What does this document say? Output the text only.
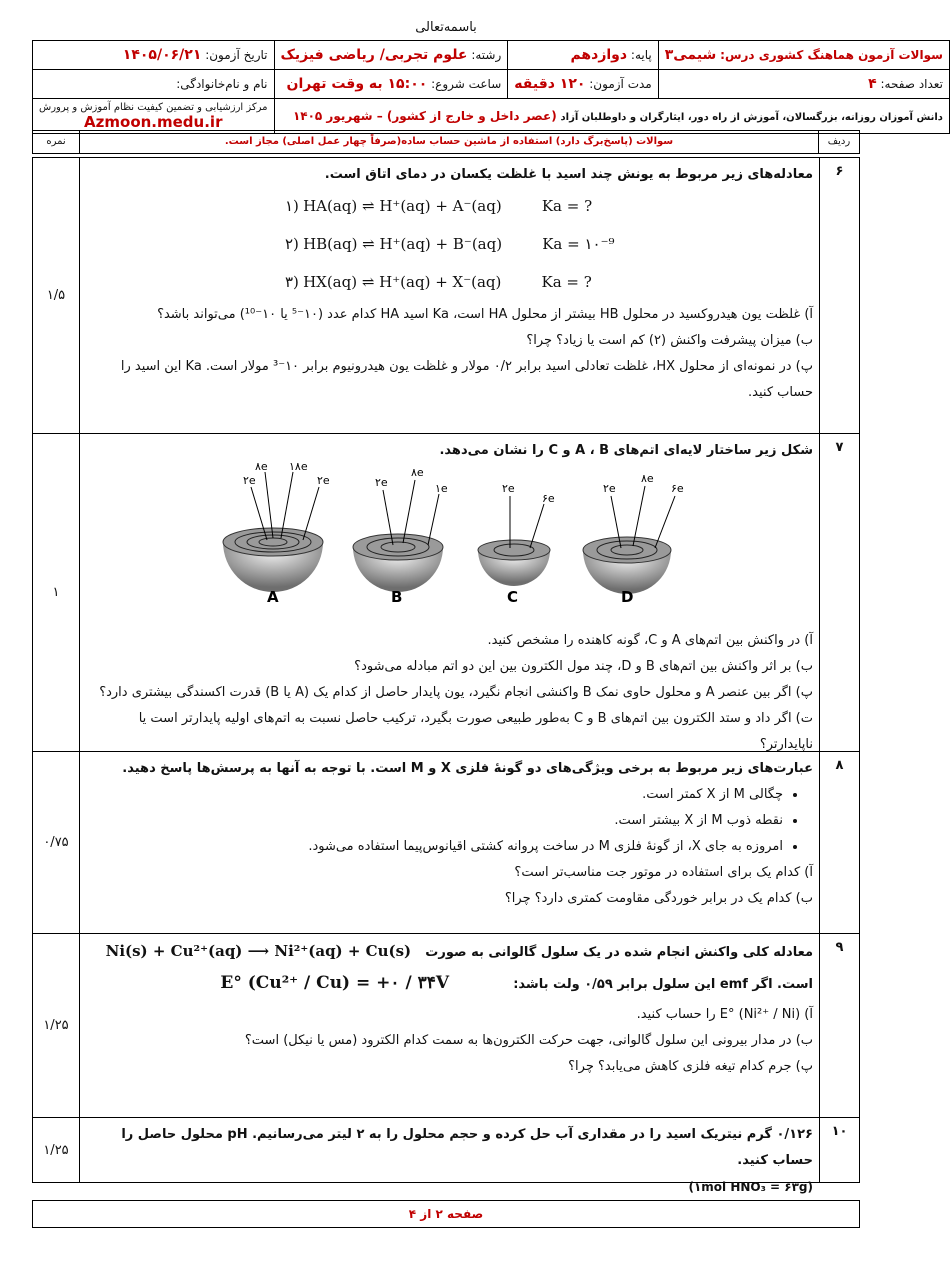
باسمه‌تعالی
سوالات آزمون هماهنگ کشوری درس: شیمی۳	پایه: دوازدهم	رشته: علوم تجربی/ ریاضی فیزیک	تاریخ آزمون: ۱۴۰۵/۰۶/۲۱
تعداد صفحه: ۴	مدت آزمون: ۱۲۰ دقیقه	ساعت شروع: ۱۵:۰۰ به وقت تهران	نام و نام‌خانوادگی:
دانش آموزان روزانه، بزرگسالان، آموزش از راه دور، ایثارگران و داوطلبان آزاد (عصر داخل و خارج از کشور) – شهریور ۱۴۰۵			مرکز ارزشیابی و تضمین کیفیت نظام آموزش و پرورش
Azmoon.medu.ir
ردیف
سوالات (پاسخ‌برگ دارد) استفاده از ماشین حساب ساده(صرفاً چهار عمل اصلی) مجاز است.
نمره
۶
۱/۵

معادله‌های زیر مربوط به یونش چند اسید با غلظت یکسان در دمای اتاق است.

۱) HA(aq) ⇌ H⁺(aq) + A⁻(aq)	Ka = ?
۲) HB(aq) ⇌ H⁺(aq) + B⁻(aq)	Ka = ۱۰⁻⁹
۳) HX(aq) ⇌ H⁺(aq) + X⁻(aq)	Ka = ?

آ) غلظت یون هیدروکسید در محلول HB بیشتر از محلول HA است، Ka اسید HA کدام عدد (۱۰⁻⁵ یا ۱۰⁻¹⁰) می‌تواند باشد؟

ب) میزان پیشرفت واکنش (۲) کم است یا زیاد؟ چرا؟

پ) در نمونه‌ای از محلول HX، غلظت تعادلی اسید برابر ۰/۲ مولار و غلظت یون هیدرونیوم برابر ۱۰⁻³ مولار است. Ka این اسید را حساب کنید.

۷
۱

شکل زیر ساختار لایه‌ای اتم‌های A ، B و C را نشان می‌دهد.

آ) در واکنش بین اتم‌های A و C، گونه کاهنده را مشخص کنید.

ب) بر اثر واکنش بین اتم‌های B و D، چند مول الکترون بین این دو اتم مبادله می‌شود؟

پ) اگر بین عنصر A و محلول حاوی نمک B واکنشی انجام نگیرد، یون پایدار حاصل از کدام یک (A یا B) قدرت اکسندگی بیشتری دارد؟

ت) اگر داد و ستد الکترون بین اتم‌های B و C به‌طور طبیعی صورت بگیرد، ترکیب حاصل نسبت به اتم‌های اولیه پایدارتر است یا ناپایدارتر؟

۲e
۸e ۱۸e
۲e
A
۲e
۸e
۱e
B
۲e
۶e
C
۲e
۸e
۶e
D
۸
۰/۷۵

عبارت‌های زیر مربوط به برخی ویژگی‌های دو گونهٔ فلزی X و M است. با توجه به آنها به پرسش‌ها پاسخ دهید.

• چگالی M از X کمتر است.
• نقطه ذوب M از X بیشتر است.
• امروزه به جای X، از گونهٔ فلزی M در ساخت پروانه کشتی اقیانوس‌پیما استفاده می‌شود.

آ) کدام یک برای استفاده در موتور جت مناسب‌تر است؟

ب) کدام یک در برابر خوردگی مقاومت کمتری دارد؟ چرا؟

۹
۱/۲۵

معادله کلی واکنش انجام شده در یک سلول گالوانی به صورت Ni(s) + Cu²⁺(aq) ⟶ Ni²⁺(aq) + Cu(s)

است. اگر emf این سلول برابر ۰/۵۹ ولت باشد: E° (Cu²⁺ / Cu) = +۰ / ۳۴V

آ) E° (Ni²⁺ / Ni) را حساب کنید.

ب) در مدار بیرونی این سلول گالوانی، جهت حرکت الکترون‌ها به سمت کدام الکترود (مس یا نیکل) است؟

پ) جرم کدام تیغه فلزی کاهش می‌یابد؟ چرا؟

۱۰
۱/۲۵

۰/۱۲۶ گرم نیتریک اسید را در مقداری آب حل کرده و حجم محلول را به ۲ لیتر می‌رسانیم. pH محلول حاصل را حساب کنید.

(۱mol HNO₃ = ۶۳g)

صفحه ۲ از ۴
